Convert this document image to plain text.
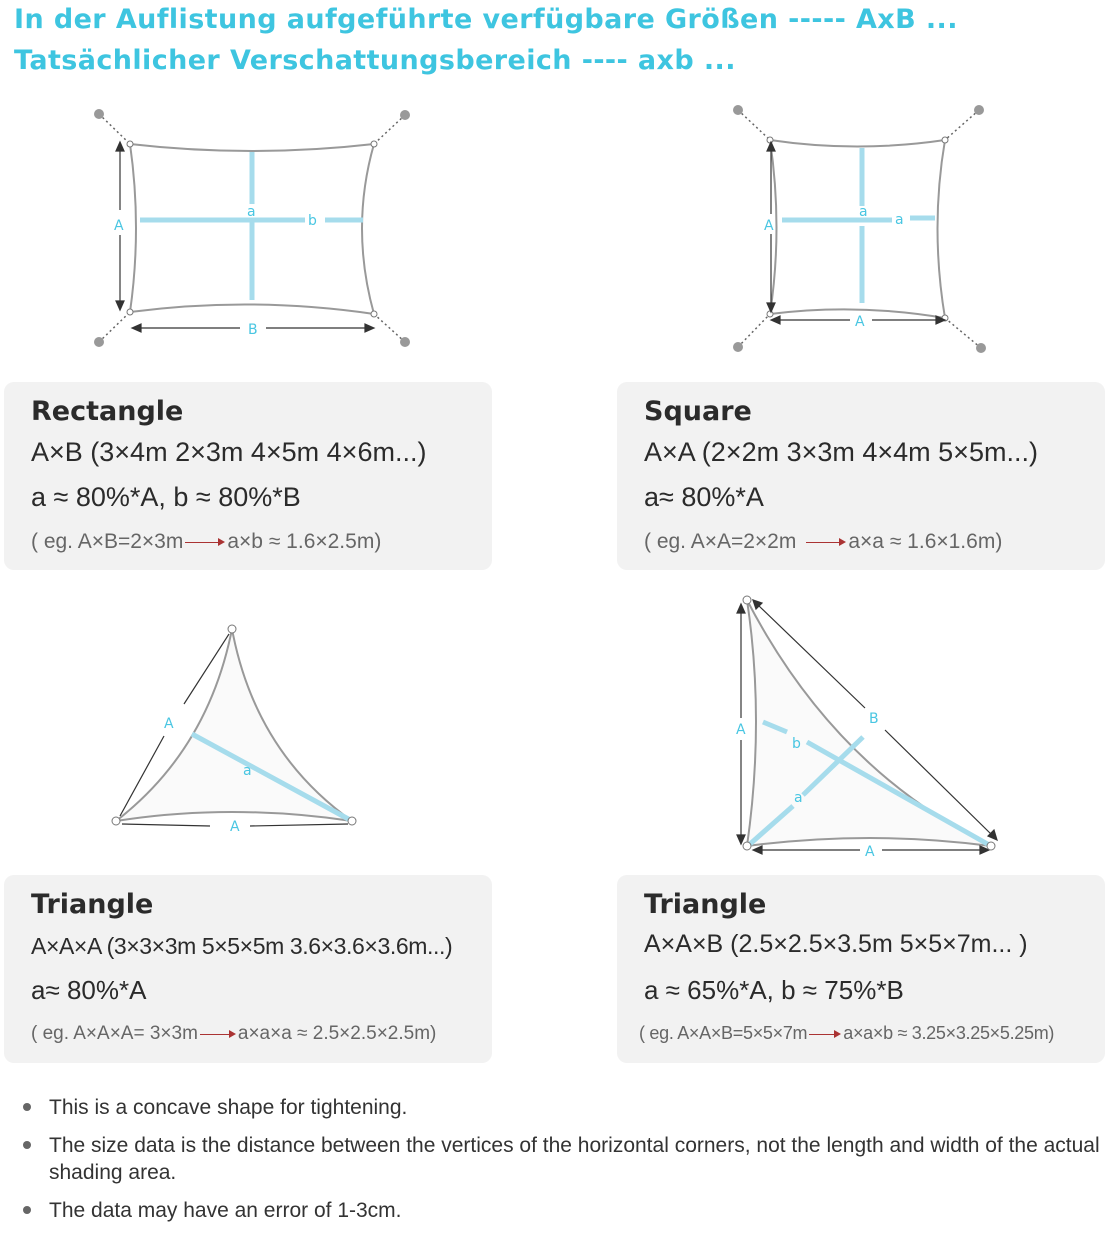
In der Auflistung aufgeführte verfügbare Größen ----- AxB ...
Tatsächlicher Verschattungsbereich ---- axb ...
A
B
a
b	A
A
a a
A
A
a
A
B
A
b
a
Rectangle
A×B (3×4m 2×3m 4×5m 4×6m...)
a ≈ 80%*A, b ≈ 80%*B
( eg. A×B=2×3m a×b ≈ 1.6×2.5m)
Square
A×A (2×2m 3×3m 4×4m 5×5m...)
a≈ 80%*A
( eg. A×A=2×2m a×a ≈ 1.6×1.6m)
Triangle
A×A×A (3×3×3m 5×5×5m 3.6×3.6×3.6m...)
a≈ 80%*A
( eg. A×A×A= 3×3m a×a×a ≈ 2.5×2.5×2.5m)
Triangle
A×A×B (2.5×2.5×3.5m 5×5×7m... )
a ≈ 65%*A, b ≈ 75%*B
( eg. A×A×B=5×5×7m a×a×b ≈ 3.25×3.25×5.25m)
This is a concave shape for tightening.
The size data is the distance between the vertices of the horizontal corners, not the length and width of the actual shading area.
The data may have an error of 1-3cm.
